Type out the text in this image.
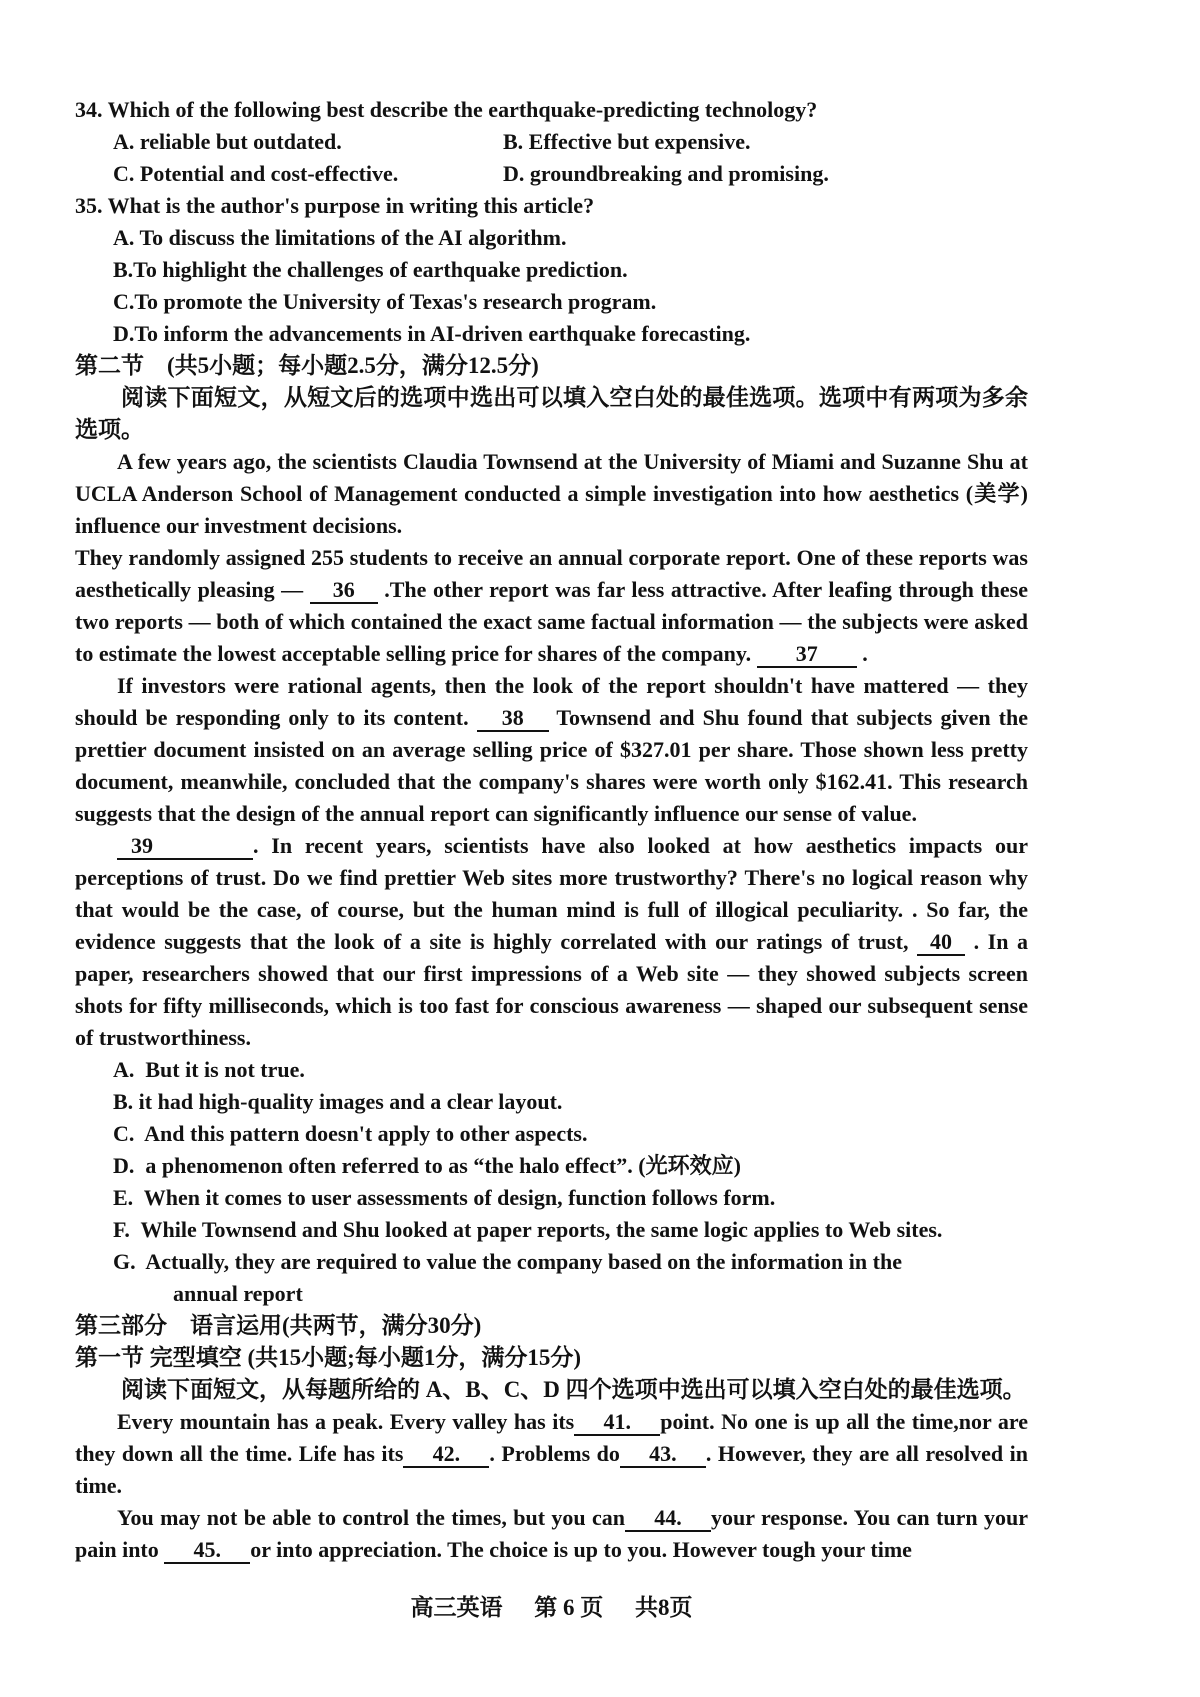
34. Which of the following best describe the earthquake-predicting technology?

A. reliable but outdated.	B. Effective but expensive.
C. Potential and cost-effective.	D. groundbreaking and promising.

35. What is the author's purpose in writing this article?

A. To discuss the limitations of the AI algorithm.
B.To highlight the challenges of earthquake prediction.
C.To promote the University of Texas's research program.
D.To inform the advancements in AI-driven earthquake forecasting.

第二节　(共5小题；每小题2.5分，满分12.5分)

阅读下面短文，从短文后的选项中选出可以填入空白处的最佳选项。选项中有两项为多余选项。

A few years ago, the scientists Claudia Townsend at the University of Miami and Suzanne Shu at UCLA Anderson School of Management conducted a simple investigation into how aesthetics (美学) influence our investment decisions.

They randomly assigned 255 students to receive an annual corporate report. One of these reports was aesthetically pleasing — 36 .The other report was far less attractive. After leafing through these two reports — both of which contained the exact same factual information — the subjects were asked to estimate the lowest acceptable selling price for shares of the company. 37 .

If investors were rational agents, then the look of the report shouldn't have mattered — they should be responding only to its content. 38 Townsend and Shu found that subjects given the prettier document insisted on an average selling price of $327.01 per share. Those shown less pretty document, meanwhile, concluded that the company's shares were worth only $162.41. This research suggests that the design of the annual report can significantly influence our sense of value.

39	. In recent years, scientists have also looked at how aesthetics impacts our perceptions of trust. Do we find prettier Web sites more trustworthy? There's no logical reason why that would be the case, of course, but the human mind is full of illogical peculiarity. . So far, the evidence suggests that the look of a site is highly correlated with our ratings of trust, 40 . In a paper, researchers showed that our first impressions of a Web site — they showed subjects screen shots for fifty milliseconds, which is too fast for conscious awareness — shaped our subsequent sense of trustworthiness.

A.  But it is not true.
B. it had high-quality images and a clear layout.
C.  And this pattern doesn't apply to other aspects.
D.  a phenomenon often referred to as “the halo effect”. (光环效应)
E.  When it comes to user assessments of design, function follows form.
F.  While Townsend and Shu looked at paper reports, the same logic applies to Web sites.
G.  Actually, they are required to value the company based on the information in the
annual report

第三部分　语言运用(共两节，满分30分)

第一节 完型填空 (共15小题;每小题1分，满分15分)

阅读下面短文，从每题所给的 A、B、C、D 四个选项中选出可以填入空白处的最佳选项。

Every mountain has a peak. Every valley has its 41. point. No one is up all the time,nor are they down all the time. Life has its 42. . Problems do 43. . However, they are all resolved in time.

You may not be able to control the times, but you can 44. your response. You can turn your pain into 45. or into appreciation. The choice is up to you. However tough your time

高三英语 第 6 页 共8页
